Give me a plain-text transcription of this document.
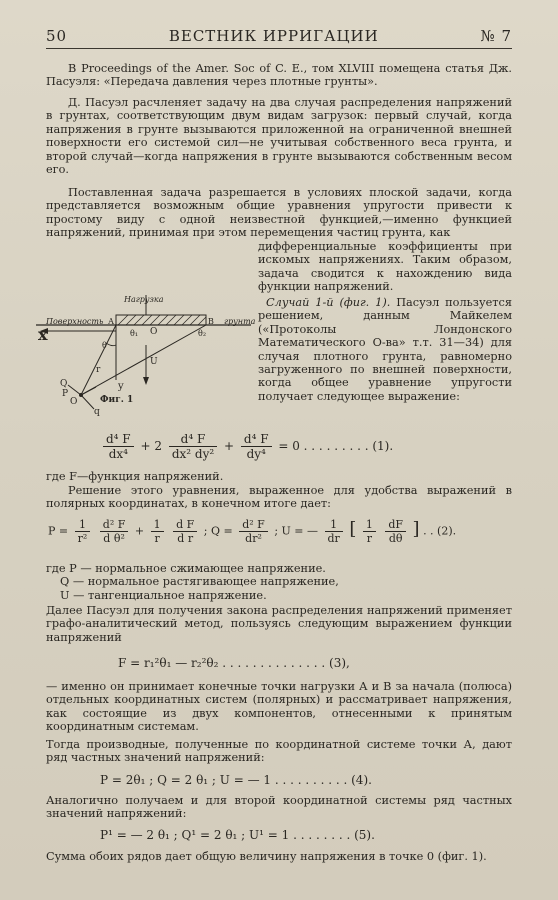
50	ВЕСТНИК ИРРИГАЦИИ	№ 7

В Proceedings of the Amer. Soc of C. E., том XLVIII помещена статья Дж. Пасуэля: «Передача давления через плотные грунты».

Д. Пасуэл расчленяет задачу на два случая распределения напряжений в грунтах, соответствующим двум видам загрузок: первый случай, когда напряжения в грунте вызываются приложенной на ограниченной внешней поверхности его системой сил—не учитывая собственного веса грунта, и второй случай—когда напряжения в грунте вызываются собственным весом его.

Поставленная задача разрешается в условиях плоской задачи, когда представляется возможным общие уравнения упругости привести к простому виду с одной неизвестной функцией,—именно функцией напряжений, принимая при этом перемещения частиц грунта, как

дифференциальные коэффициенты при искомых напряжениях. Таким образом, задача сводится к нахождению вида функции напряжений.

Случай 1-й (фиг. 1). Пасуэл пользуется решением, данным Майкелем («Протоколы Лондонского Математического О-ва» т.т. 31—34) для случая плотного грунта, равномерно загруженного по внешней поверхности, когда общее уравнение упругости получает следующее выражение:

Нагрузка
Поверхность	грунта
А	В
x
y
θ
θ₁	θ₂
O
U
Q
P
O
r
q
Фиг. 1
$\frac{\text{d⁴ F}}{\text{dx⁴}} + 2 \frac{\text{d⁴ F}}{\text{dx² dy²}} + \frac{\text{d⁴ F}}{\text{dy⁴}} = 0$ . . . . . . . . . (1).

где F—функция напряжений.

Решение этого уравнения, выраженное для удобства выражений в полярных координатах, в конечном итоге дает:

$P = \frac{1}{\text{r²}}$
$\frac{\text{d² F}}{\text{d θ²}} + \frac{1}{r}$
$\frac{\text{d F}}{\text{d r}}$ ; $Q = \frac{\text{d² F}}{\text{dr²}}$ ; U = — $\frac{1}{dr}$ [ $\frac{1}{r}$
$\frac{dF}{d\theta}$ ] . . (2).
где P — нормальное сжимающее напряжение.
Q — нормальное растягивающее напряжение,
U — тангенциальное напряжение.

Далее Пасуэл для получения закона распределения напряжений применяет графо-аналитический метод, пользуясь следующим выражением функции напряжений

F = r₁²θ₁ — r₂²θ₂ . . . . . . . . . . . . . . (3),

— именно он принимает конечные точки нагрузки А и В за начала (полюса) отдельных координатных систем (полярных) и рассматривает напряжения, как состоящие из двух компонентов, отнесенными к принятым координатным системам.

Тогда производные, полученные по координатной системе точки А, дают ряд частных значений напряжений:

P = 2θ₁ ; Q = 2 θ₁ ; U = — 1 . . . . . . . . . . (4).

Аналогично получаем и для второй координатной системы ряд частных значений напряжений:

P¹ = — 2 θ₁ ; Q¹ = 2 θ₁ ; U¹ = 1 . . . . . . . . (5).

Сумма обоих рядов дает общую величину напряжения в точке 0 (фиг. 1).
